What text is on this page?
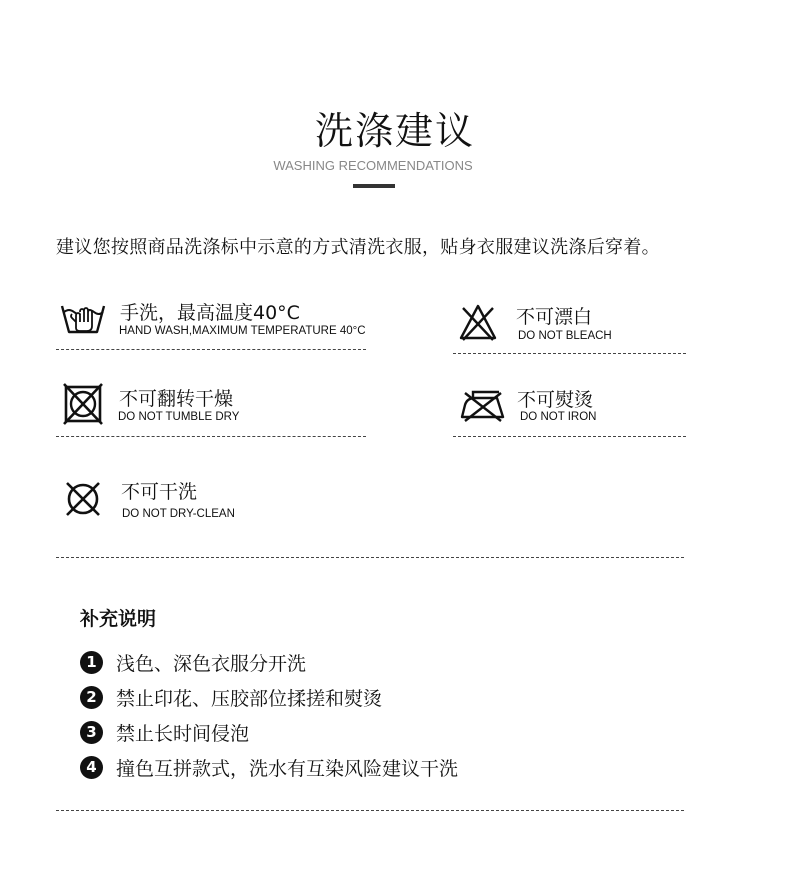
洗涤建议
WASHING RECOMMENDATIONS
建议您按照商品洗涤标中示意的方式清洗衣服，贴身衣服建议洗涤后穿着。
手洗，最高温度40°C
HAND WASH,MAXIMUM TEMPERATURE 40°C
不可漂白
DO NOT BLEACH
不可翻转干燥
DO NOT TUMBLE DRY
不可熨烫
DO NOT IRON
不可干洗
DO NOT DRY-CLEAN
补充说明
1	浅色、深色衣服分开洗
2	禁止印花、压胶部位揉搓和熨烫
3	禁止长时间侵泡
4	撞色互拼款式，洗水有互染风险建议干洗
